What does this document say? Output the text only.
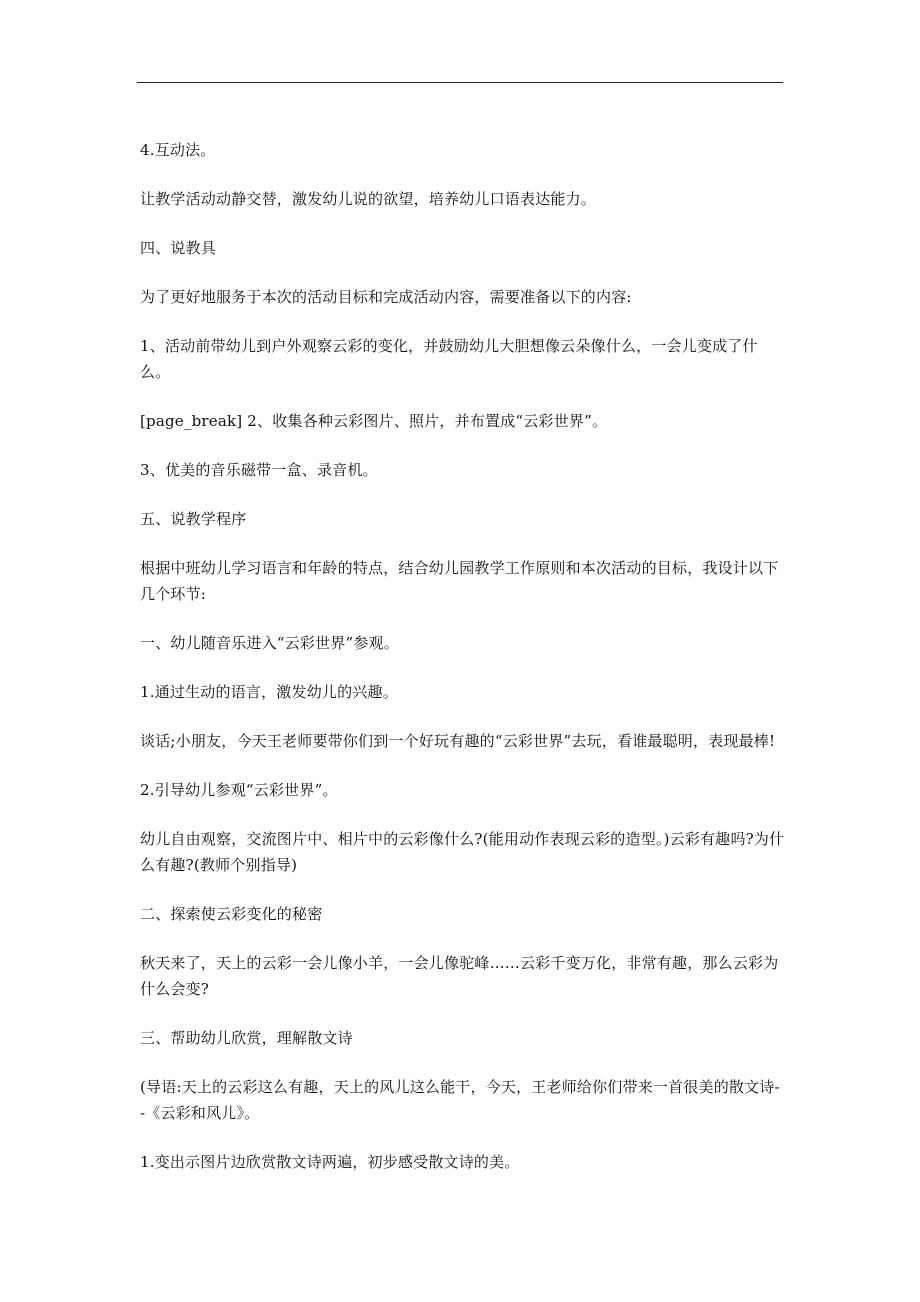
4.互动法。

让教学活动动静交替，激发幼儿说的欲望，培养幼儿口语表达能力。

四、说教具

为了更好地服务于本次的活动目标和完成活动内容，需要准备以下的内容:

1、活动前带幼儿到户外观察云彩的变化，并鼓励幼儿大胆想像云朵像什么，一会儿变成了什么。

[page_break] 2、收集各种云彩图片、照片，并布置成“云彩世界”。

3、优美的音乐磁带一盒、录音机。

五、说教学程序

根据中班幼儿学习语言和年龄的特点，结合幼儿园教学工作原则和本次活动的目标，我设计以下几个环节:

一、幼儿随音乐进入“云彩世界”参观。

1.通过生动的语言，激发幼儿的兴趣。

谈话;小朋友，今天王老师要带你们到一个好玩有趣的“云彩世界”去玩，看谁最聪明，表现最棒!

2.引导幼儿参观“云彩世界”。

幼儿自由观察，交流图片中、相片中的云彩像什么?(能用动作表现云彩的造型。)云彩有趣吗?为什么有趣?(教师个别指导)

二、探索使云彩变化的秘密

秋天来了，天上的云彩一会儿像小羊，一会儿像驼峰……云彩千变万化，非常有趣，那么云彩为什么会变?

三、帮助幼儿欣赏，理解散文诗

(导语:天上的云彩这么有趣，天上的风儿这么能干，今天，王老师给你们带来一首很美的散文诗--《云彩和风儿》。

1.变出示图片边欣赏散文诗两遍，初步感受散文诗的美。
